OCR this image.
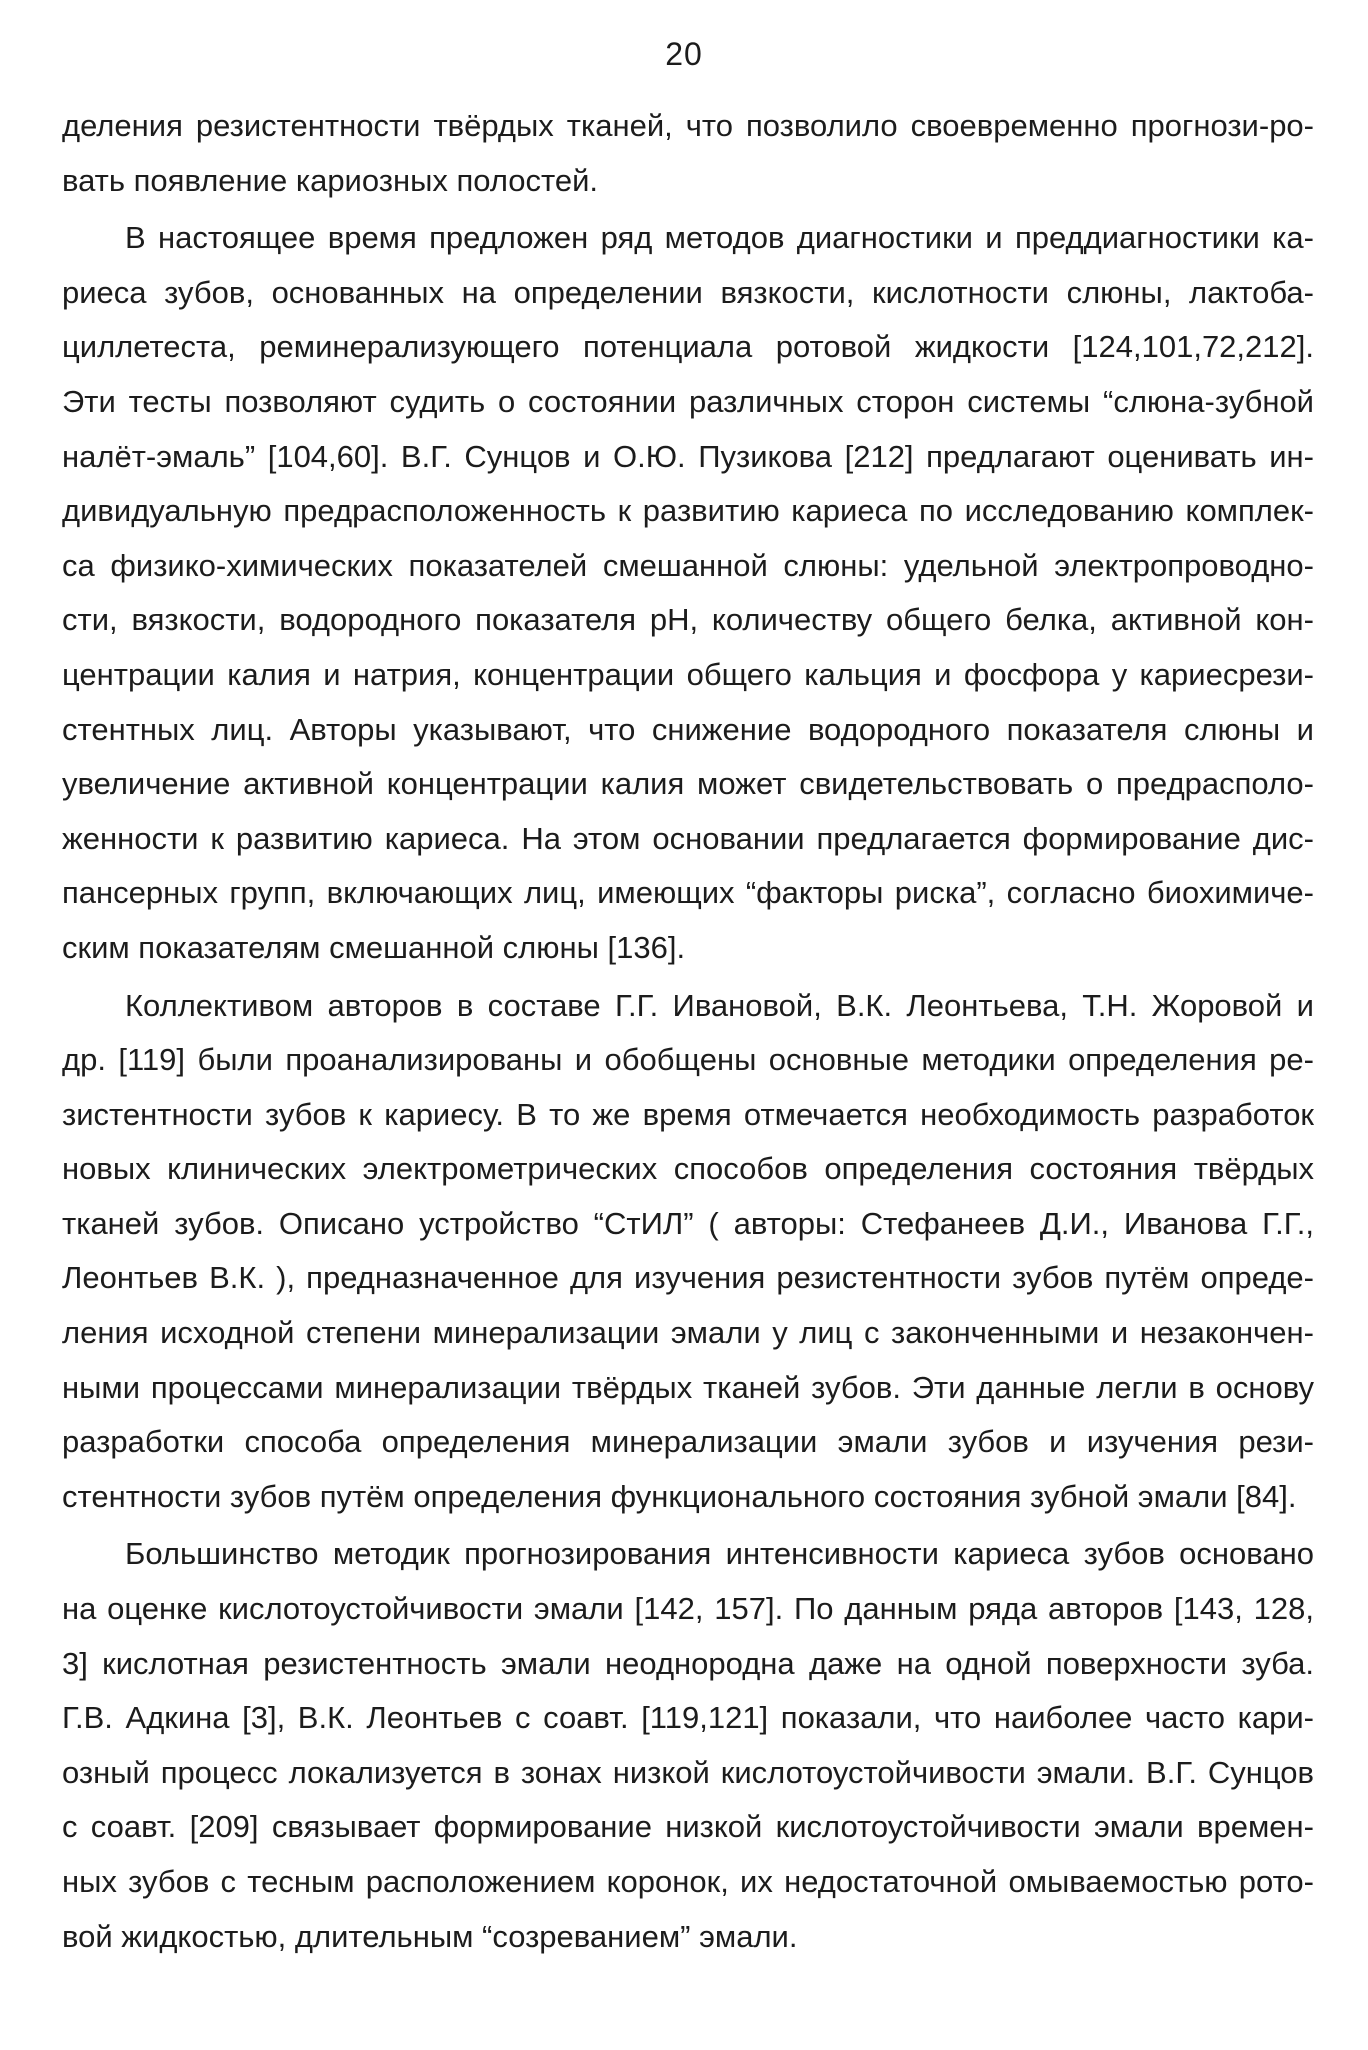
20
деления резистентности твёрдых тканей, что позволило своевременно прогнози-ро-
вать появление кариозных полостей.
В настоящее время предложен ряд методов диагностики и преддиагностики ка-
риеса зубов, основанных на определении вязкости, кислотности слюны, лактоба-
циллетеста, реминерализующего потенциала ротовой жидкости [124,101,72,212].
Эти тесты позволяют судить о состоянии различных сторон системы “слюна-зубной
налёт-эмаль” [104,60]. В.Г. Сунцов и О.Ю. Пузикова [212] предлагают оценивать ин-
дивидуальную предрасположенность к развитию кариеса по исследованию комплек-
са физико-химических показателей смешанной слюны: удельной электропроводно-
сти, вязкости, водородного показателя pH, количеству общего белка, активной кон-
центрации калия и натрия, концентрации общего кальция и фосфора у кариесрези-
стентных лиц. Авторы указывают, что снижение водородного показателя слюны и
увеличение активной концентрации калия может свидетельствовать о предрасполо-
женности к развитию кариеса. На этом основании предлагается формирование дис-
пансерных групп, включающих лиц, имеющих “факторы риска”, согласно биохимиче-
ским показателям смешанной слюны [136].
Коллективом авторов в составе Г.Г. Ивановой, В.К. Леонтьева, Т.Н. Жоровой и
др. [119] были проанализированы и обобщены основные методики определения ре-
зистентности зубов к кариесу. В то же время отмечается необходимость разработок
новых клинических электрометрических способов определения состояния твёрдых
тканей зубов. Описано устройство “СтИЛ” ( авторы: Стефанеев Д.И., Иванова Г.Г.,
Леонтьев В.К. ), предназначенное для изучения резистентности зубов путём опреде-
ления исходной степени минерализации эмали у лиц с законченными и незакончен-
ными процессами минерализации твёрдых тканей зубов. Эти данные легли в основу
разработки способа определения минерализации эмали зубов и изучения рези-
стентности зубов путём определения функционального состояния зубной эмали [84].
Большинство методик прогнозирования интенсивности кариеса зубов основано
на оценке кислотоустойчивости эмали [142, 157]. По данным ряда авторов [143, 128,
3] кислотная резистентность эмали неоднородна даже на одной поверхности зуба.
Г.В. Адкина [3], В.К. Леонтьев с соавт. [119,121] показали, что наиболее часто кари-
озный процесс локализуется в зонах низкой кислотоустойчивости эмали. В.Г. Сунцов
с соавт. [209] связывает формирование низкой кислотоустойчивости эмали времен-
ных зубов с тесным расположением коронок, их недостаточной омываемостью рото-
вой жидкостью, длительным “созреванием” эмали.
